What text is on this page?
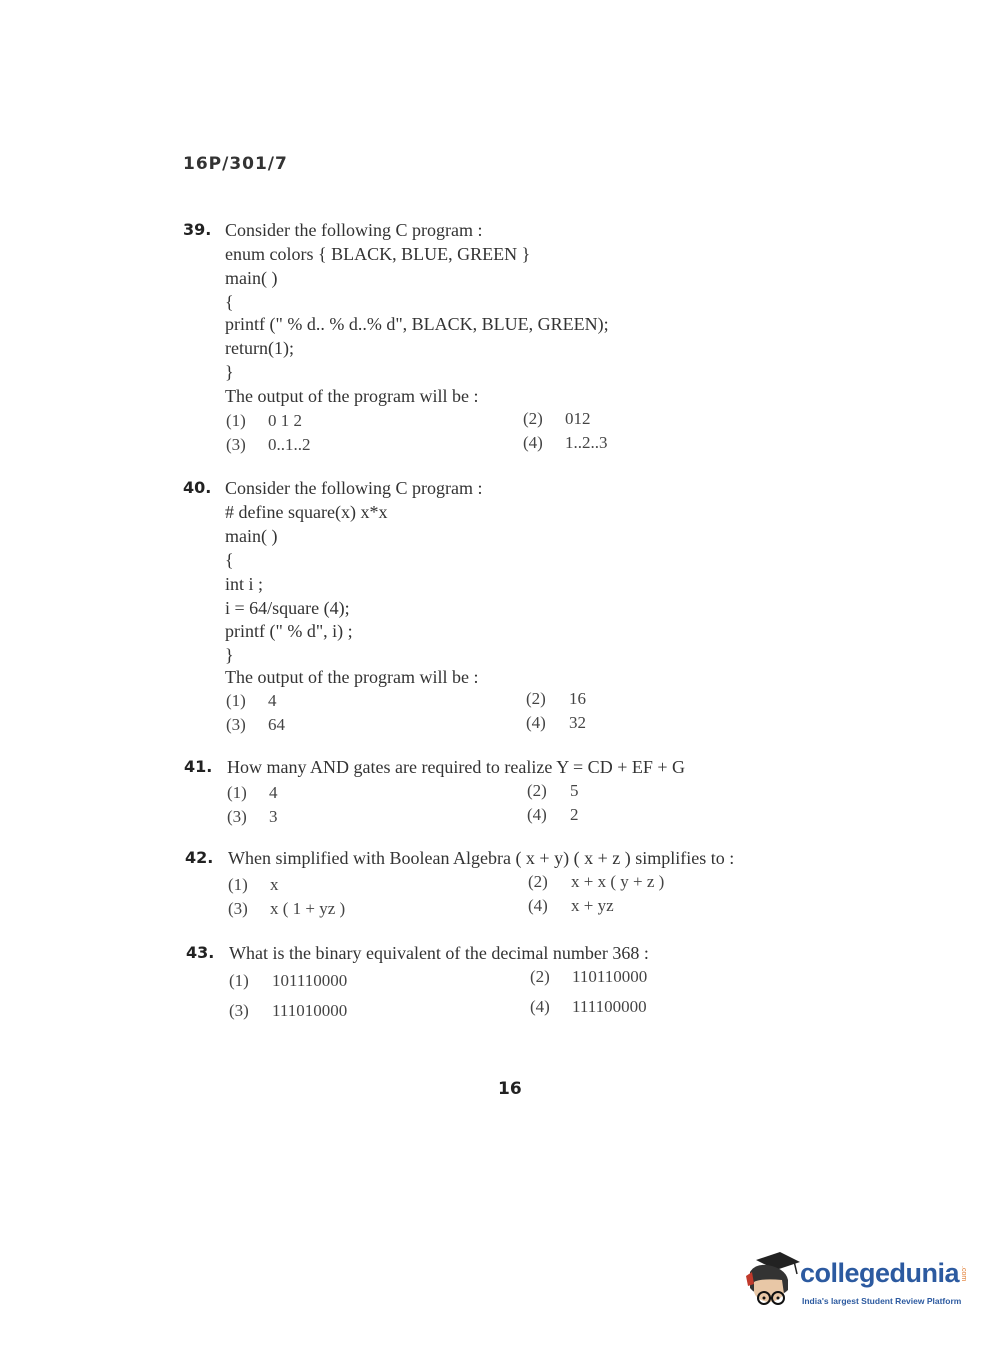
16P/301/7
39. Consider the following C program :
enum colors { BLACK, BLUE, GREEN }
main( )
{
printf (" % d.. % d..% d", BLACK, BLUE, GREEN);
return(1);
}
The output of the program will be :
(1) 0 1 2	(2) 012
(3) 0..1..2	(4) 1..2..3
40. Consider the following C program :
# define square(x) x*x
main( )
{
int i ;
i = 64/square (4);
printf (" % d", i) ;
}
The output of the program will be :
(1) 4	(2) 16
(3) 64	(4) 32
41. How many AND gates are required to realize Y = CD + EF + G
(1) 4	(2) 5
(3) 3	(4) 2
42. When simplified with Boolean Algebra ( x + y) ( x + z ) simplifies to :
(1) x	(2) x + x ( y + z )
(3) x ( 1 + yz )	(4) x + yz
43. What is the binary equivalent of the decimal number 368 :
(1) 101110000	(2) 110110000
(3) 111010000	(4) 111100000
16
collegedunia .com
India's largest Student Review Platform
